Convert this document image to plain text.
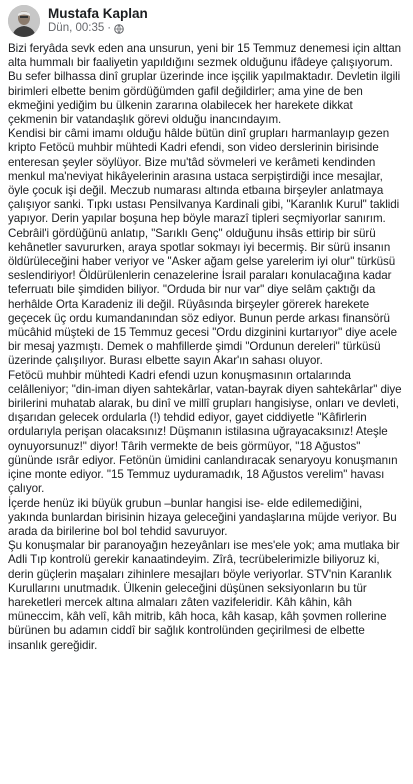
Mustafa Kaplan
Dün, 00:35 ·

Bizi feryâda sevk eden ana unsurun, yeni bir 15 Temmuz denemesi için alttan alta hummalı bir faaliyetin yapıldığını sezmek olduğunu ifâdeye çalışıyorum. Bu sefer bilhassa dinî gruplar üzerinde ince işçilik yapılmaktadır. Devletin ilgili birimleri elbette benim gördüğümden gafil değildirler; ama yine de ben ekmeğini yediğim bu ülkenin zararına olabilecek her harekete dikkat çekmenin bir vatandaşlık görevi olduğu inancındayım.

Kendisi bir câmi imamı olduğu hâlde bütün dinî grupları harmanlayıp gezen kripto Fetöcü muhbir mühtedi Kadri efendi, son video derslerinin birisinde enteresan şeyler söylüyor. Bize mu'tâd sövmeleri ve kerâmeti kendinden menkul ma'neviyat hikâyelerinin arasına ustaca serpiştirdiği ince mesajlar, öyle çocuk işi değil. Meczub numarası altında etbaına birşeyler anlatmaya çalışıyor sanki. Tıpkı ustası Pensilvanya Kardinali gibi, "Karanlık Kurul" taklidi yapıyor. Derin yapılar boşuna hep böyle marazî tipleri seçmiyorlar sanırım.

Cebrâil'i gördüğünü anlatıp, "Sarıklı Genç" olduğunu ihsâs ettirip bir sürü kehânetler savururken, araya spotlar sokmayı iyi becermiş. Bir sürü insanın öldürüleceğini haber veriyor ve "Asker ağam gelse yarelerim iyi olur" türküsü seslendiriyor! Öldürülenlerin cenazelerine İsrail paraları konulacağına kadar teferruatı bile şimdiden biliyor. "Orduda bir nur var" diye selâm çaktığı da herhâlde Orta Karadeniz ili değil. Rüyâsında birşeyler görerek harekete geçecek üç ordu kumandanından söz ediyor. Bunun perde arkası finansörü mücâhid müşteki de 15 Temmuz gecesi "Ordu dizginini kurtarıyor" diye acele bir mesaj yazmıştı. Demek o mahfillerde şimdi "Ordunun dereleri" türküsü üzerinde çalışılıyor. Burası elbette sayın Akar'ın sahası oluyor.

Fetöcü muhbir mühtedi Kadri efendi uzun konuşmasının ortalarında celâlleniyor; "din-iman diyen sahtekârlar, vatan-bayrak diyen sahtekârlar" diye birilerini muhatab alarak, bu dinî ve millî grupları hangisiyse, onları ve devleti, dışarıdan gelecek ordularla (!) tehdid ediyor, gayet ciddiyetle "Kâfirlerin ordularıyla perişan olacaksınız! Düşmanın istilasına uğrayacaksınız! Ateşle oynuyorsunuz!" diyor! Târih vermekte de beis görmüyor, "18 Ağustos" gününde ısrâr ediyor. Fetönün ümidini canlandıracak senaryoyu konuşmanın içine monte ediyor. "15 Temmuz uyduramadık, 18 Ağustos verelim" havası çalıyor.

İçerde henüz iki büyük grubun –bunlar hangisi ise- elde edilemediğini, yakında bunlardan birisinin hizaya geleceğini yandaşlarına müjde veriyor. Bu arada da birilerine bol bol tehdid savuruyor.

Şu konuşmalar bir paranoyağın hezeyânları ise mes'ele yok; ama mutlaka bir Adli Tıp kontrolü gerekir kanaatindeyim. Zîrâ, tecrübelerimizle biliyoruz ki, derin güçlerin maşaları zihinlere mesajları böyle veriyorlar. STV'nin Karanlık Kurullarını unutmadık. Ülkenin geleceğini düşünen seksiyonların bu tür hareketleri mercek altına almaları zâten vazifeleridir. Kâh kâhin, kâh müneccim, kâh velî, kâh mitrib, kâh hoca, kâh kasap, kâh şovmen rollerine bürünen bu adamın ciddî bir sağlık kontrolünden geçirilmesi de elbette insanlık gereğidir.
